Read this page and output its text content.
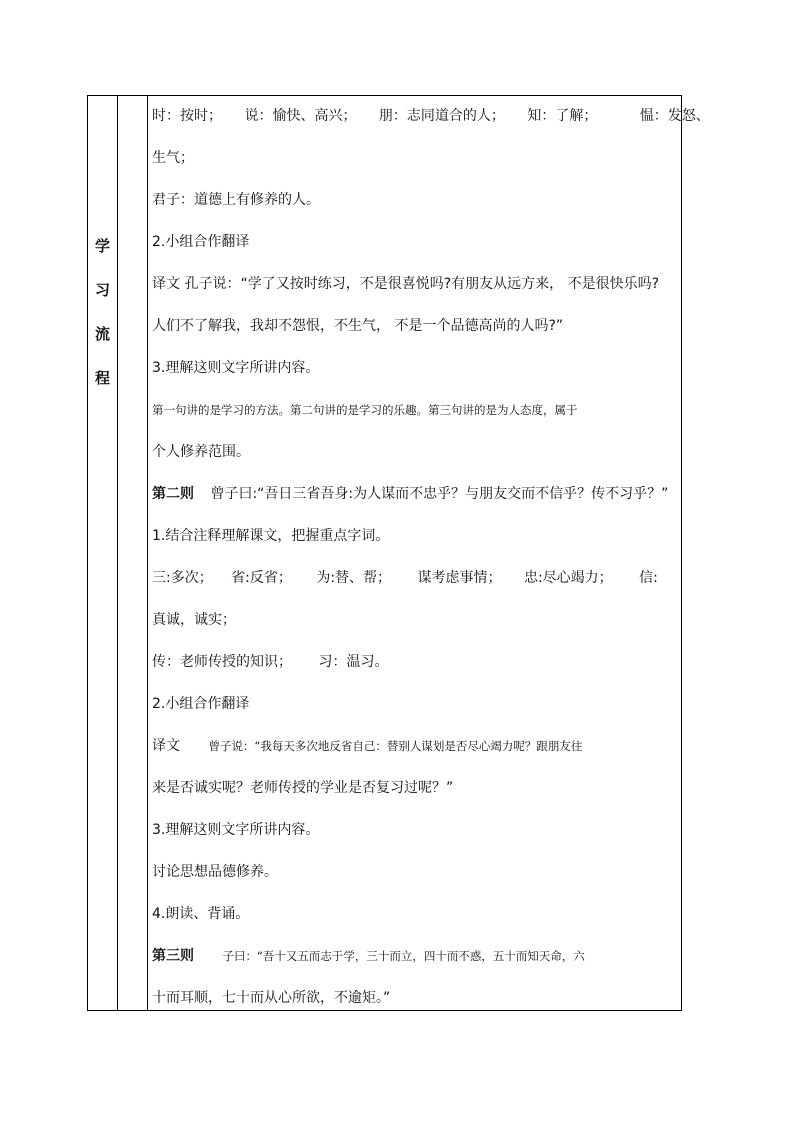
学
习
流
程
时：按时； 说：愉快、高兴； 朋：志同道合的人； 知：了解；	愠：发怒、
生气；
君子：道德上有修养的人。
2.小组合作翻译
译文 孔子说：“学了又按时练习，不是很喜悦吗?有朋友从远方来， 不是很快乐吗?
人们不了解我，我却不怨恨，不生气， 不是一个品德高尚的人吗?”
3.理解这则文字所讲内容。
第一句讲的是学习的方法。第二句讲的是学习的乐趣。第三句讲的是为人态度，属于
个人修养范围。
第二则 曾子曰:“吾日三省吾身:为人谋而不忠乎？与朋友交而不信乎？传不习乎？”
1.结合注释理解课文，把握重点字词。
三:多次； 省:反省； 为:替、帮； 谋考虑事情； 忠:尽心竭力； 信:
真诚，诚实；
传：老师传授的知识； 习：温习。
2.小组合作翻译
译文 曾子说：“我每天多次地反省自己：替别人谋划是否尽心竭力呢？跟朋友往
来是否诚实呢？老师传授的学业是否复习过呢？”
3.理解这则文字所讲内容。
讨论思想品德修养。
4.朗读、背诵。
第三则 子曰：“吾十又五而志于学，三十而立，四十而不惑，五十而知天命，六
十而耳顺，七十而从心所欲，不逾矩。”
